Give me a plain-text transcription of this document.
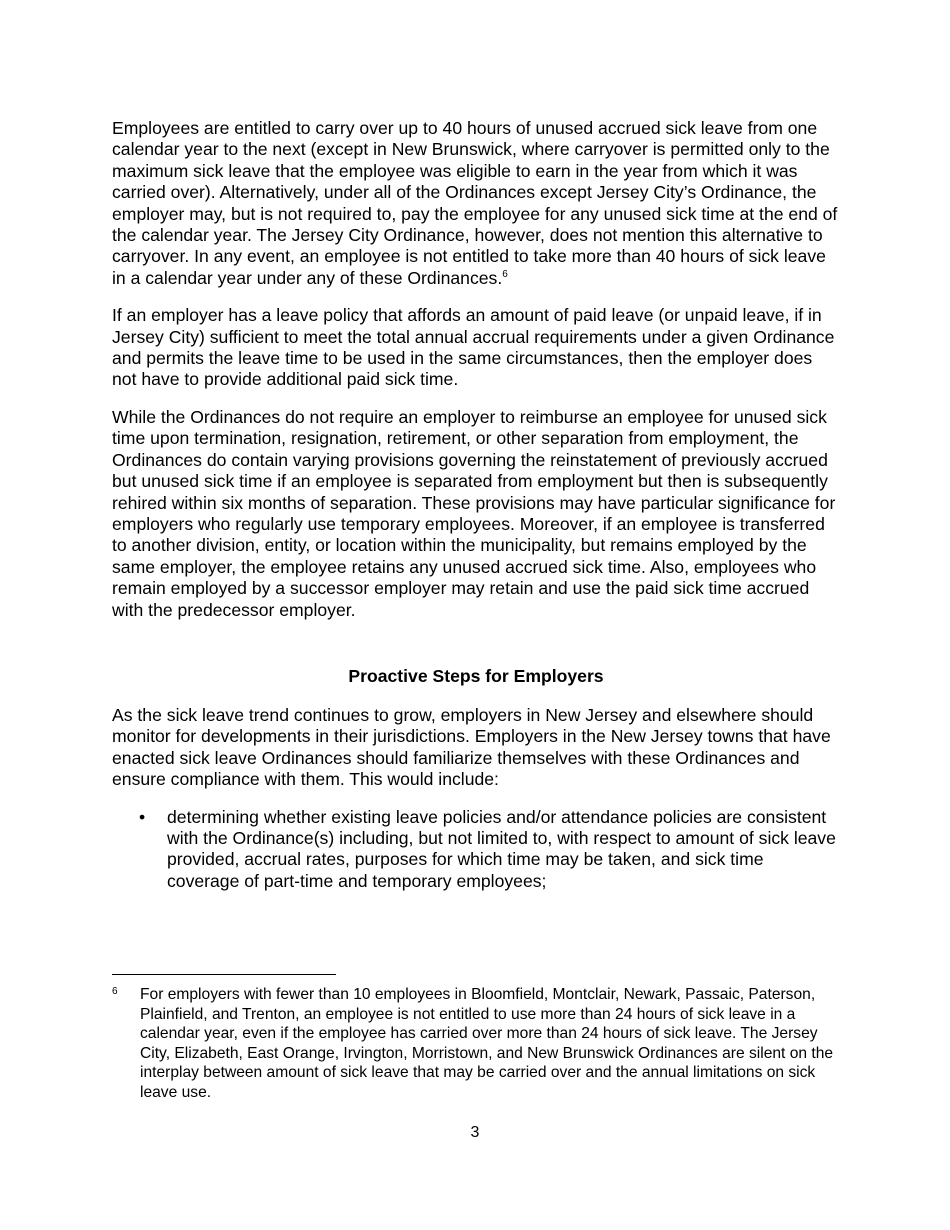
Employees are entitled to carry over up to 40 hours of unused accrued sick leave from one calendar year to the next (except in New Brunswick, where carryover is permitted only to the maximum sick leave that the employee was eligible to earn in the year from which it was carried over). Alternatively, under all of the Ordinances except Jersey City’s Ordinance, the employer may, but is not required to, pay the employee for any unused sick time at the end of the calendar year. The Jersey City Ordinance, however, does not mention this alternative to carryover. In any event, an employee is not entitled to take more than 40 hours of sick leave in a calendar year under any of these Ordinances.$^6$

If an employer has a leave policy that affords an amount of paid leave (or unpaid leave, if in Jersey City) sufficient to meet the total annual accrual requirements under a given Ordinance and permits the leave time to be used in the same circumstances, then the employer does not have to provide additional paid sick time.

While the Ordinances do not require an employer to reimburse an employee for unused sick time upon termination, resignation, retirement, or other separation from employment, the Ordinances do contain varying provisions governing the reinstatement of previously accrued but unused sick time if an employee is separated from employment but then is subsequently rehired within six months of separation. These provisions may have particular significance for employers who regularly use temporary employees. Moreover, if an employee is transferred to another division, entity, or location within the municipality, but remains employed by the same employer, the employee retains any unused accrued sick time. Also, employees who remain employed by a successor employer may retain and use the paid sick time accrued with the predecessor employer.

Proactive Steps for Employers

As the sick leave trend continues to grow, employers in New Jersey and elsewhere should monitor for developments in their jurisdictions. Employers in the New Jersey towns that have enacted sick leave Ordinances should familiarize themselves with these Ordinances and ensure compliance with them. This would include:

• determining whether existing leave policies and/or attendance policies are consistent with the Ordinance(s) including, but not limited to, with respect to amount of sick leave provided, accrual rates, purposes for which time may be taken, and sick time coverage of part-time and temporary employees;
6	For employers with fewer than 10 employees in Bloomfield, Montclair, Newark, Passaic, Paterson, Plainfield, and Trenton, an employee is not entitled to use more than 24 hours of sick leave in a calendar year, even if the employee has carried over more than 24 hours of sick leave. The Jersey City, Elizabeth, East Orange, Irvington, Morristown, and New Brunswick Ordinances are silent on the interplay between amount of sick leave that may be carried over and the annual limitations on sick leave use.

3
